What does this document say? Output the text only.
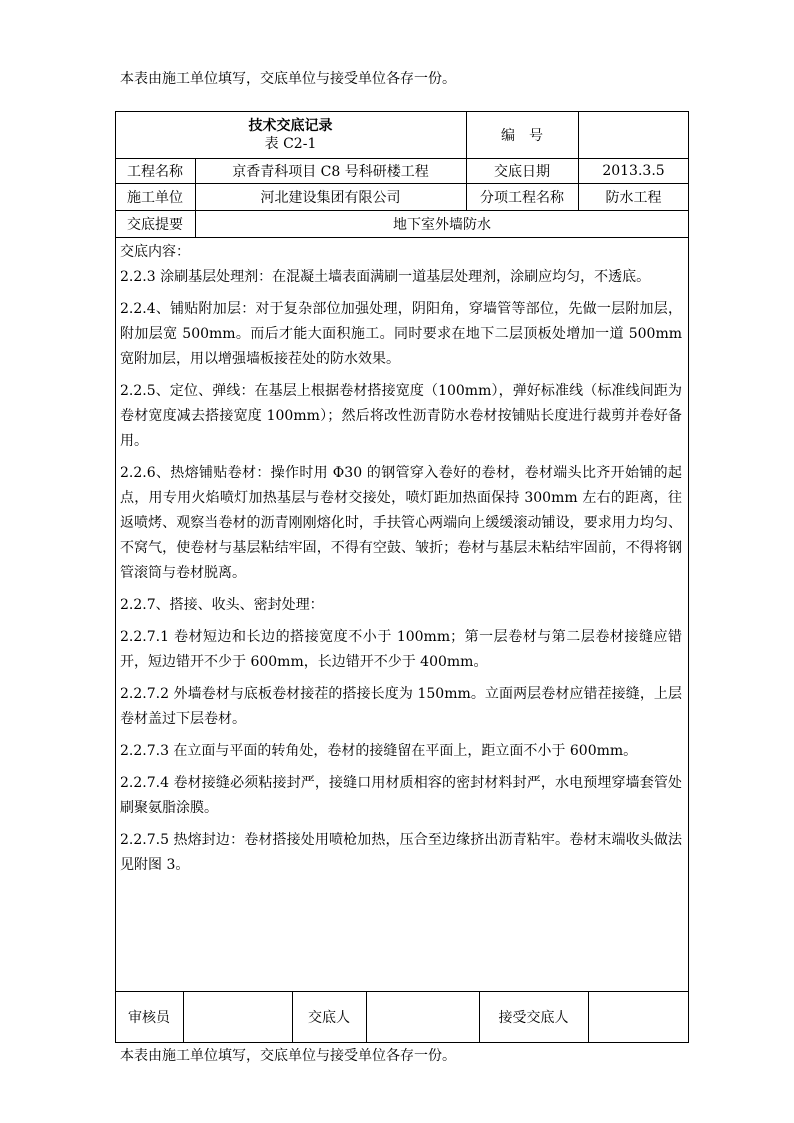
本表由施工单位填写，交底单位与接受单位各存一份。
技术交底记录
表 C2-1	编　号
工程名称	京香青科项目 C8 号科研楼工程	交底日期	2013.3.5
施工单位	河北建设集团有限公司	分项工程名称	防水工程
交底提要	地下室外墙防水

交底内容：

2.2.3 涂刷基层处理剂：在混凝土墙表面满刷一道基层处理剂，涂刷应均匀，不透底。

2.2.4、铺贴附加层：对于复杂部位加强处理，阴阳角，穿墙管等部位，先做一层附加层，附加层宽 500mm。而后才能大面积施工。同时要求在地下二层顶板处增加一道 500mm 宽附加层，用以增强墙板接茬处的防水效果。

2.2.5、定位、弹线：在基层上根据卷材搭接宽度（100mm），弹好标准线（标准线间距为卷材宽度减去搭接宽度 100mm）；然后将改性沥青防水卷材按铺贴长度进行裁剪并卷好备用。

2.2.6、热熔铺贴卷材：操作时用 Φ30 的钢管穿入卷好的卷材，卷材端头比齐开始铺的起点，用专用火焰喷灯加热基层与卷材交接处，喷灯距加热面保持 300mm 左右的距离，往返喷烤、观察当卷材的沥青刚刚熔化时，手扶管心两端向上缓缓滚动铺设，要求用力均匀、不窝气，使卷材与基层粘结牢固，不得有空鼓、皱折；卷材与基层未粘结牢固前，不得将钢管滚筒与卷材脱离。

2.2.7、搭接、收头、密封处理：

2.2.7.1 卷材短边和长边的搭接宽度不小于 100mm；第一层卷材与第二层卷材接缝应错开，短边错开不少于 600mm，长边错开不少于 400mm。

2.2.7.2 外墙卷材与底板卷材接茬的搭接长度为 150mm。立面两层卷材应错茬接缝，上层卷材盖过下层卷材。

2.2.7.3 在立面与平面的转角处，卷材的接缝留在平面上，距立面不小于 600mm。

2.2.7.4 卷材接缝必须粘接封严，接缝口用材质相容的密封材料封严，水电预埋穿墙套管处刷聚氨脂涂膜。

2.2.7.5 热熔封边：卷材搭接处用喷枪加热，压合至边缘挤出沥青粘牢。卷材末端收头做法见附图 3。

审核员	交底人	接受交底人
本表由施工单位填写，交底单位与接受单位各存一份。
